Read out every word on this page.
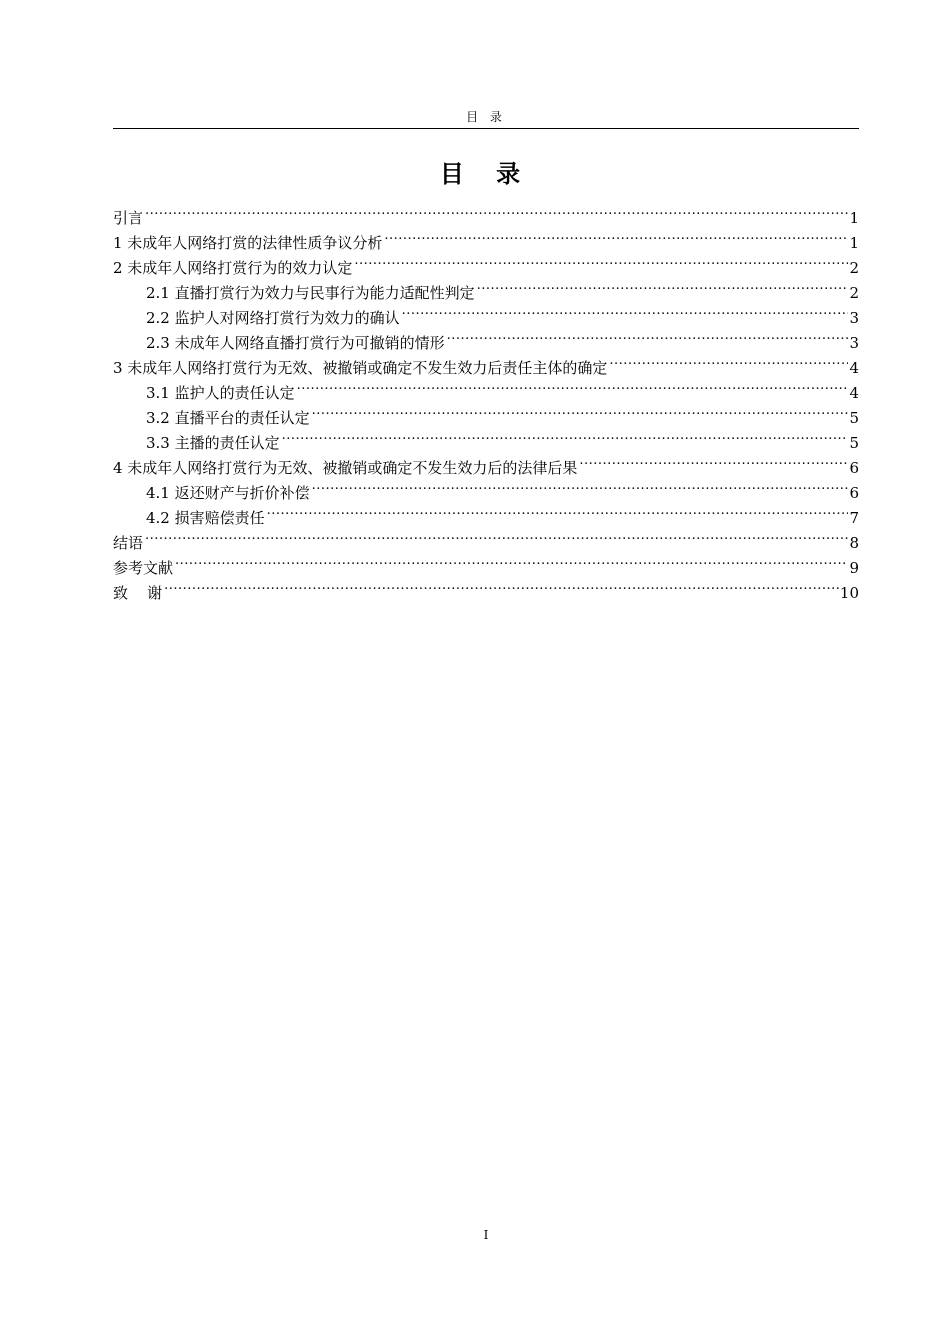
目 录
目 录
引言 .....	1
1 未成年人网络打赏的法律性质争议分析 .....	1
2 未成年人网络打赏行为的效力认定 .....	2
2.1 直播打赏行为效力与民事行为能力适配性判定 .....	2
2.2 监护人对网络打赏行为效力的确认 .....	3
2.3 未成年人网络直播打赏行为可撤销的情形 .....	3
3 未成年人网络打赏行为无效、被撤销或确定不发生效力后责任主体的确定 .....	4
3.1 监护人的责任认定 .....	4
3.2 直播平台的责任认定 .....	5
3.3 主播的责任认定 .....	5
4 未成年人网络打赏行为无效、被撤销或确定不发生效力后的法律后果 .....	6
4.1 返还财产与折价补偿 .....	6
4.2 损害赔偿责任 .....	7
结语 .....	8
参考文献 .....	9
致    谢 .....	10
I
